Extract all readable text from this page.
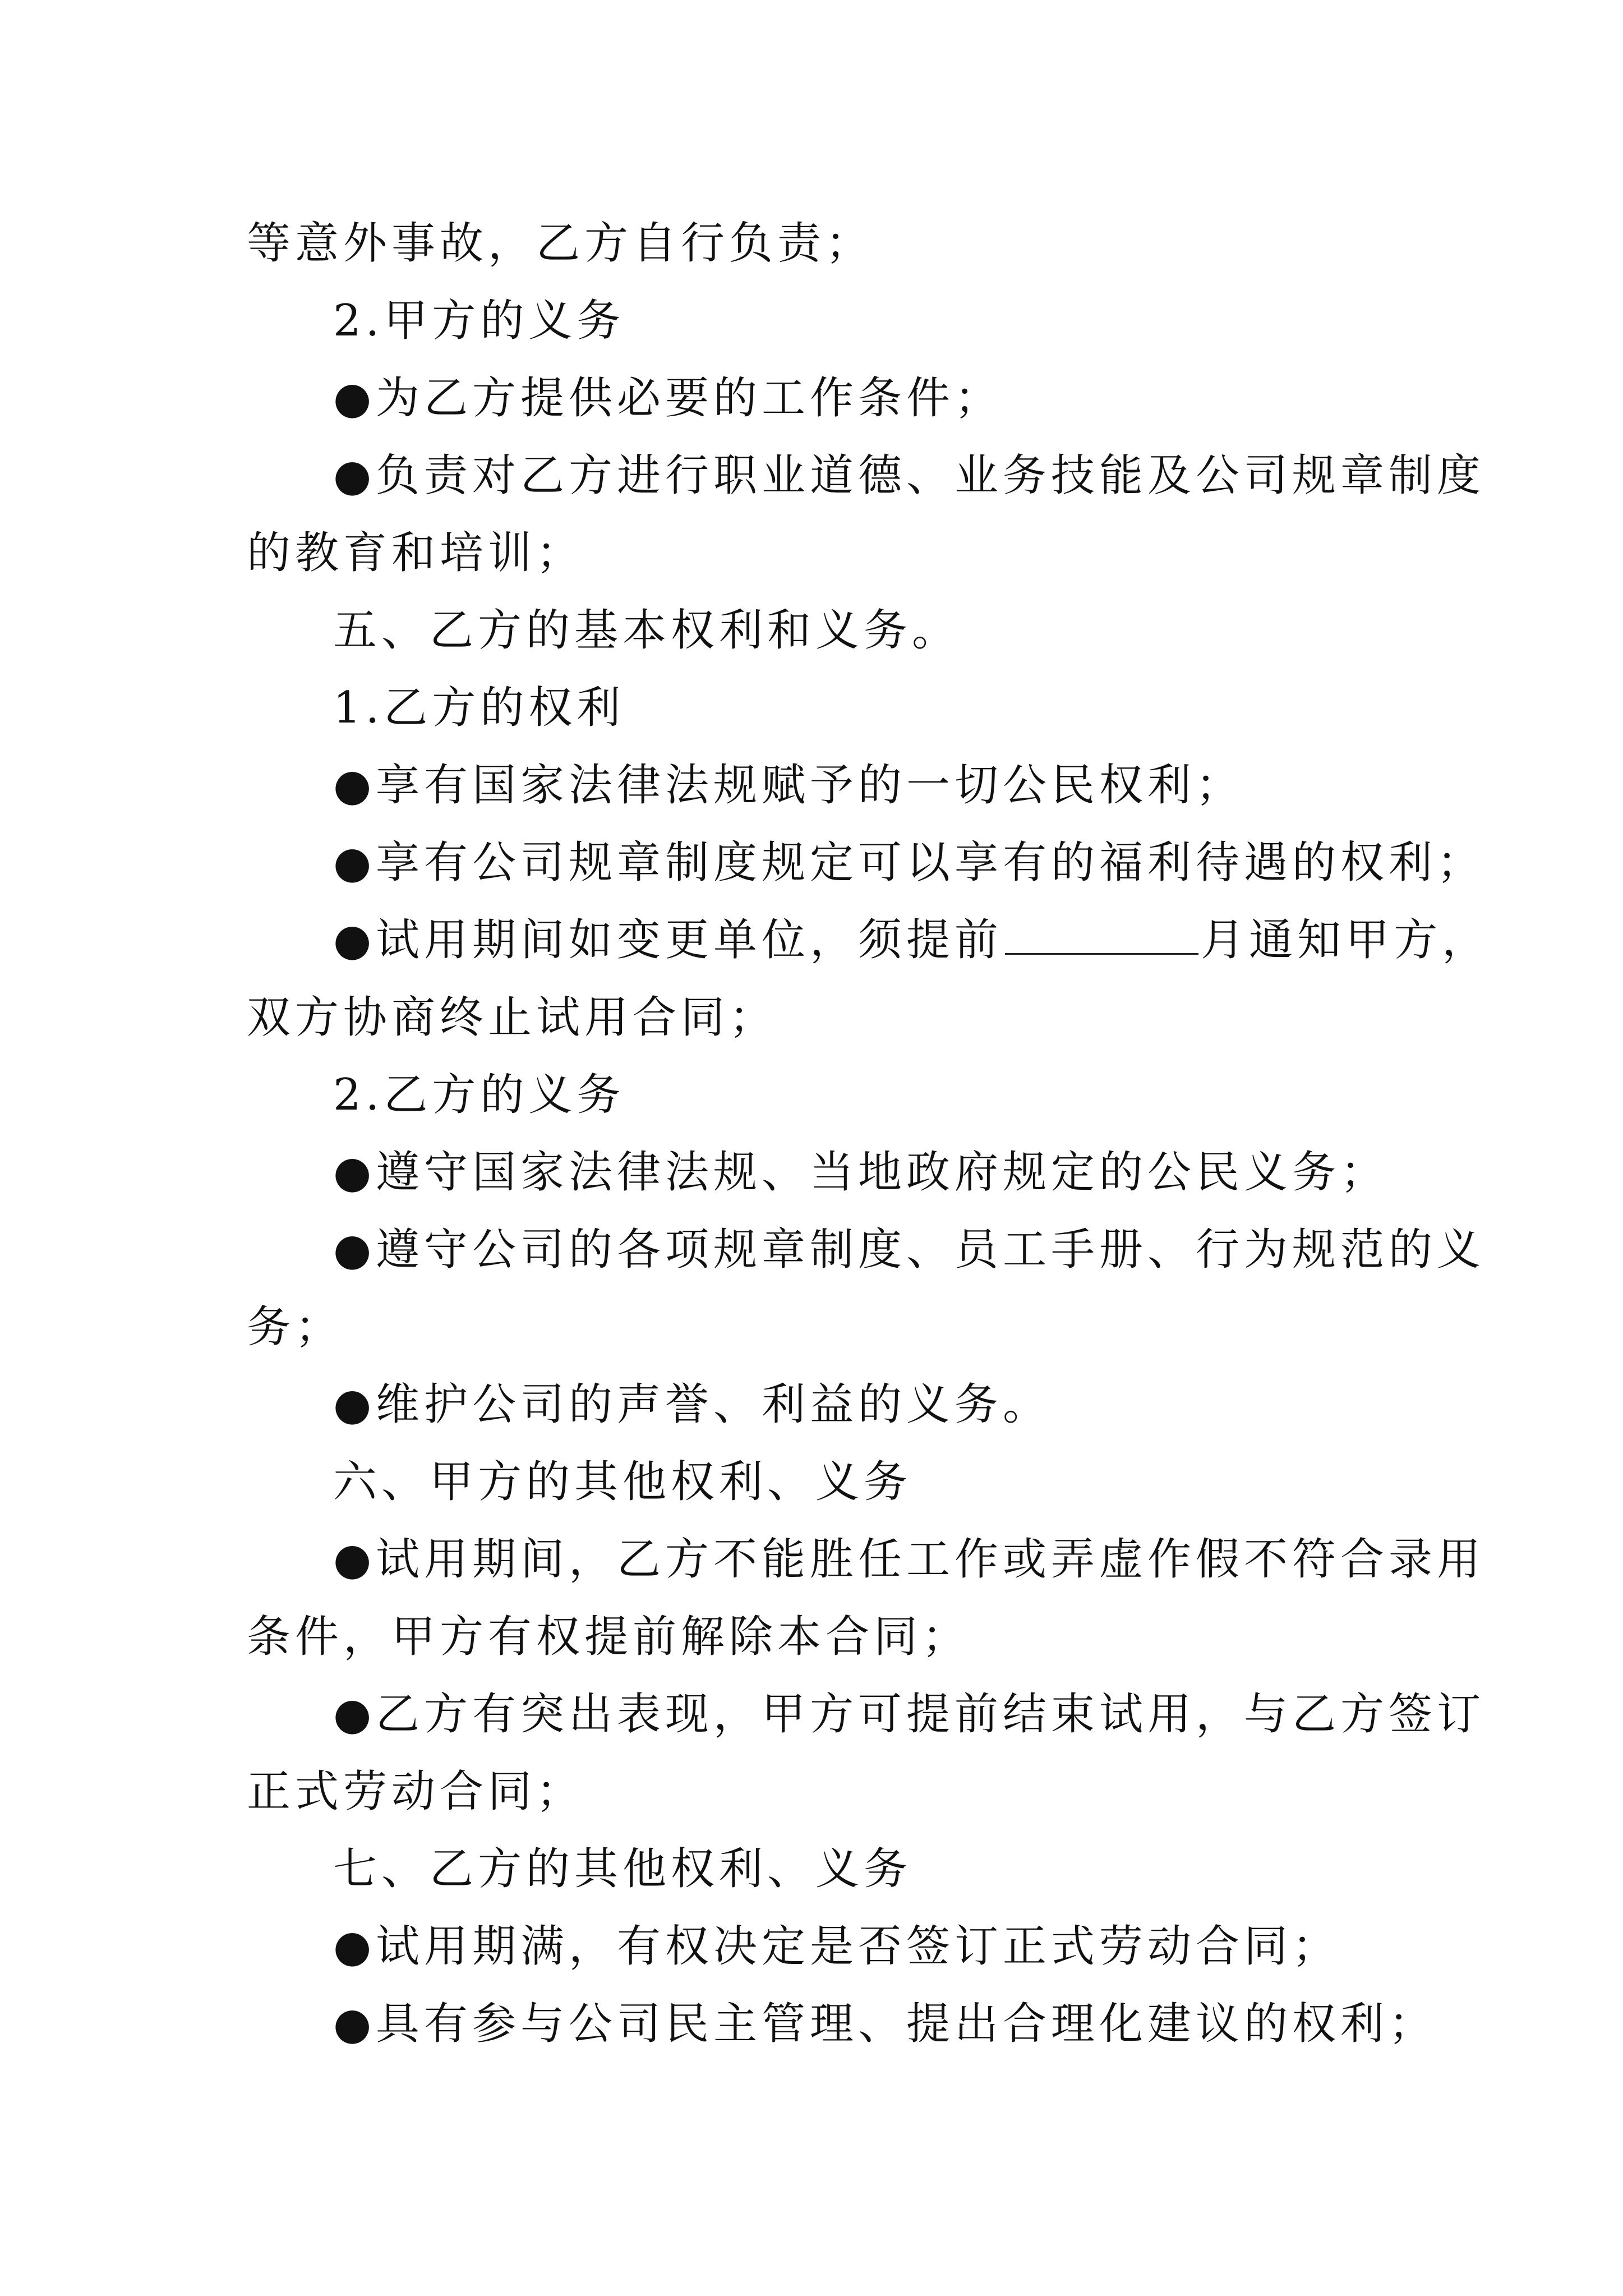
等意外事故，乙方自行负责；

2.甲方的义务

●为乙方提供必要的工作条件；

●负责对乙方进行职业道德、业务技能及公司规章制度

的教育和培训；

五、乙方的基本权利和义务。

1.乙方的权利

●享有国家法律法规赋予的一切公民权利；

●享有公司规章制度规定可以享有的福利待遇的权利；

●试用期间如变更单位，须提前	月通知甲方，

双方协商终止试用合同；

2.乙方的义务

●遵守国家法律法规、当地政府规定的公民义务；

●遵守公司的各项规章制度、员工手册、行为规范的义

务；

●维护公司的声誉、利益的义务。

六、甲方的其他权利、义务

●试用期间，乙方不能胜任工作或弄虚作假不符合录用

条件，甲方有权提前解除本合同；

●乙方有突出表现，甲方可提前结束试用，与乙方签订

正式劳动合同；

七、乙方的其他权利、义务

●试用期满，有权决定是否签订正式劳动合同；

●具有参与公司民主管理、提出合理化建议的权利；
